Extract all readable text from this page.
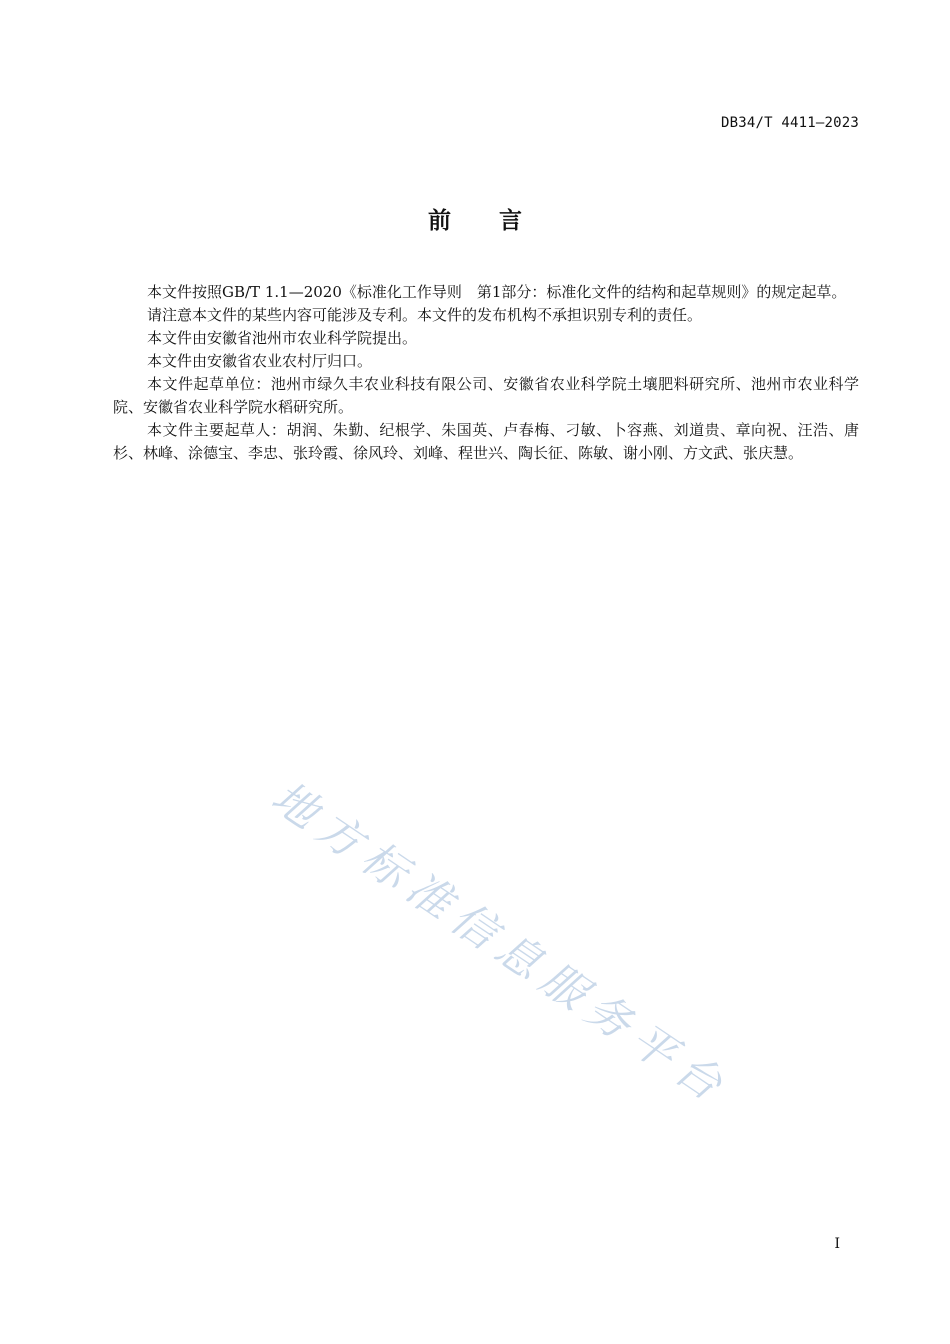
DB34/T 4411—2023
前言

本文件按照GB/T 1.1—2020《标准化工作导则　第1部分：标准化文件的结构和起草规则》的规定起草。

请注意本文件的某些内容可能涉及专利。本文件的发布机构不承担识别专利的责任。

本文件由安徽省池州市农业科学院提出。

本文件由安徽省农业农村厅归口。

本文件起草单位：池州市绿久丰农业科技有限公司、安徽省农业科学院土壤肥料研究所、池州市农业科学院、安徽省农业科学院水稻研究所。

本文件主要起草人：胡润、朱勤、纪根学、朱国英、卢春梅、刁敏、卜容燕、刘道贵、章向祝、汪浩、唐杉、林峰、涂德宝、李忠、张玲霞、徐风玲、刘峰、程世兴、陶长征、陈敏、谢小刚、方文武、张庆慧。

地方标准信息服务平台
I
